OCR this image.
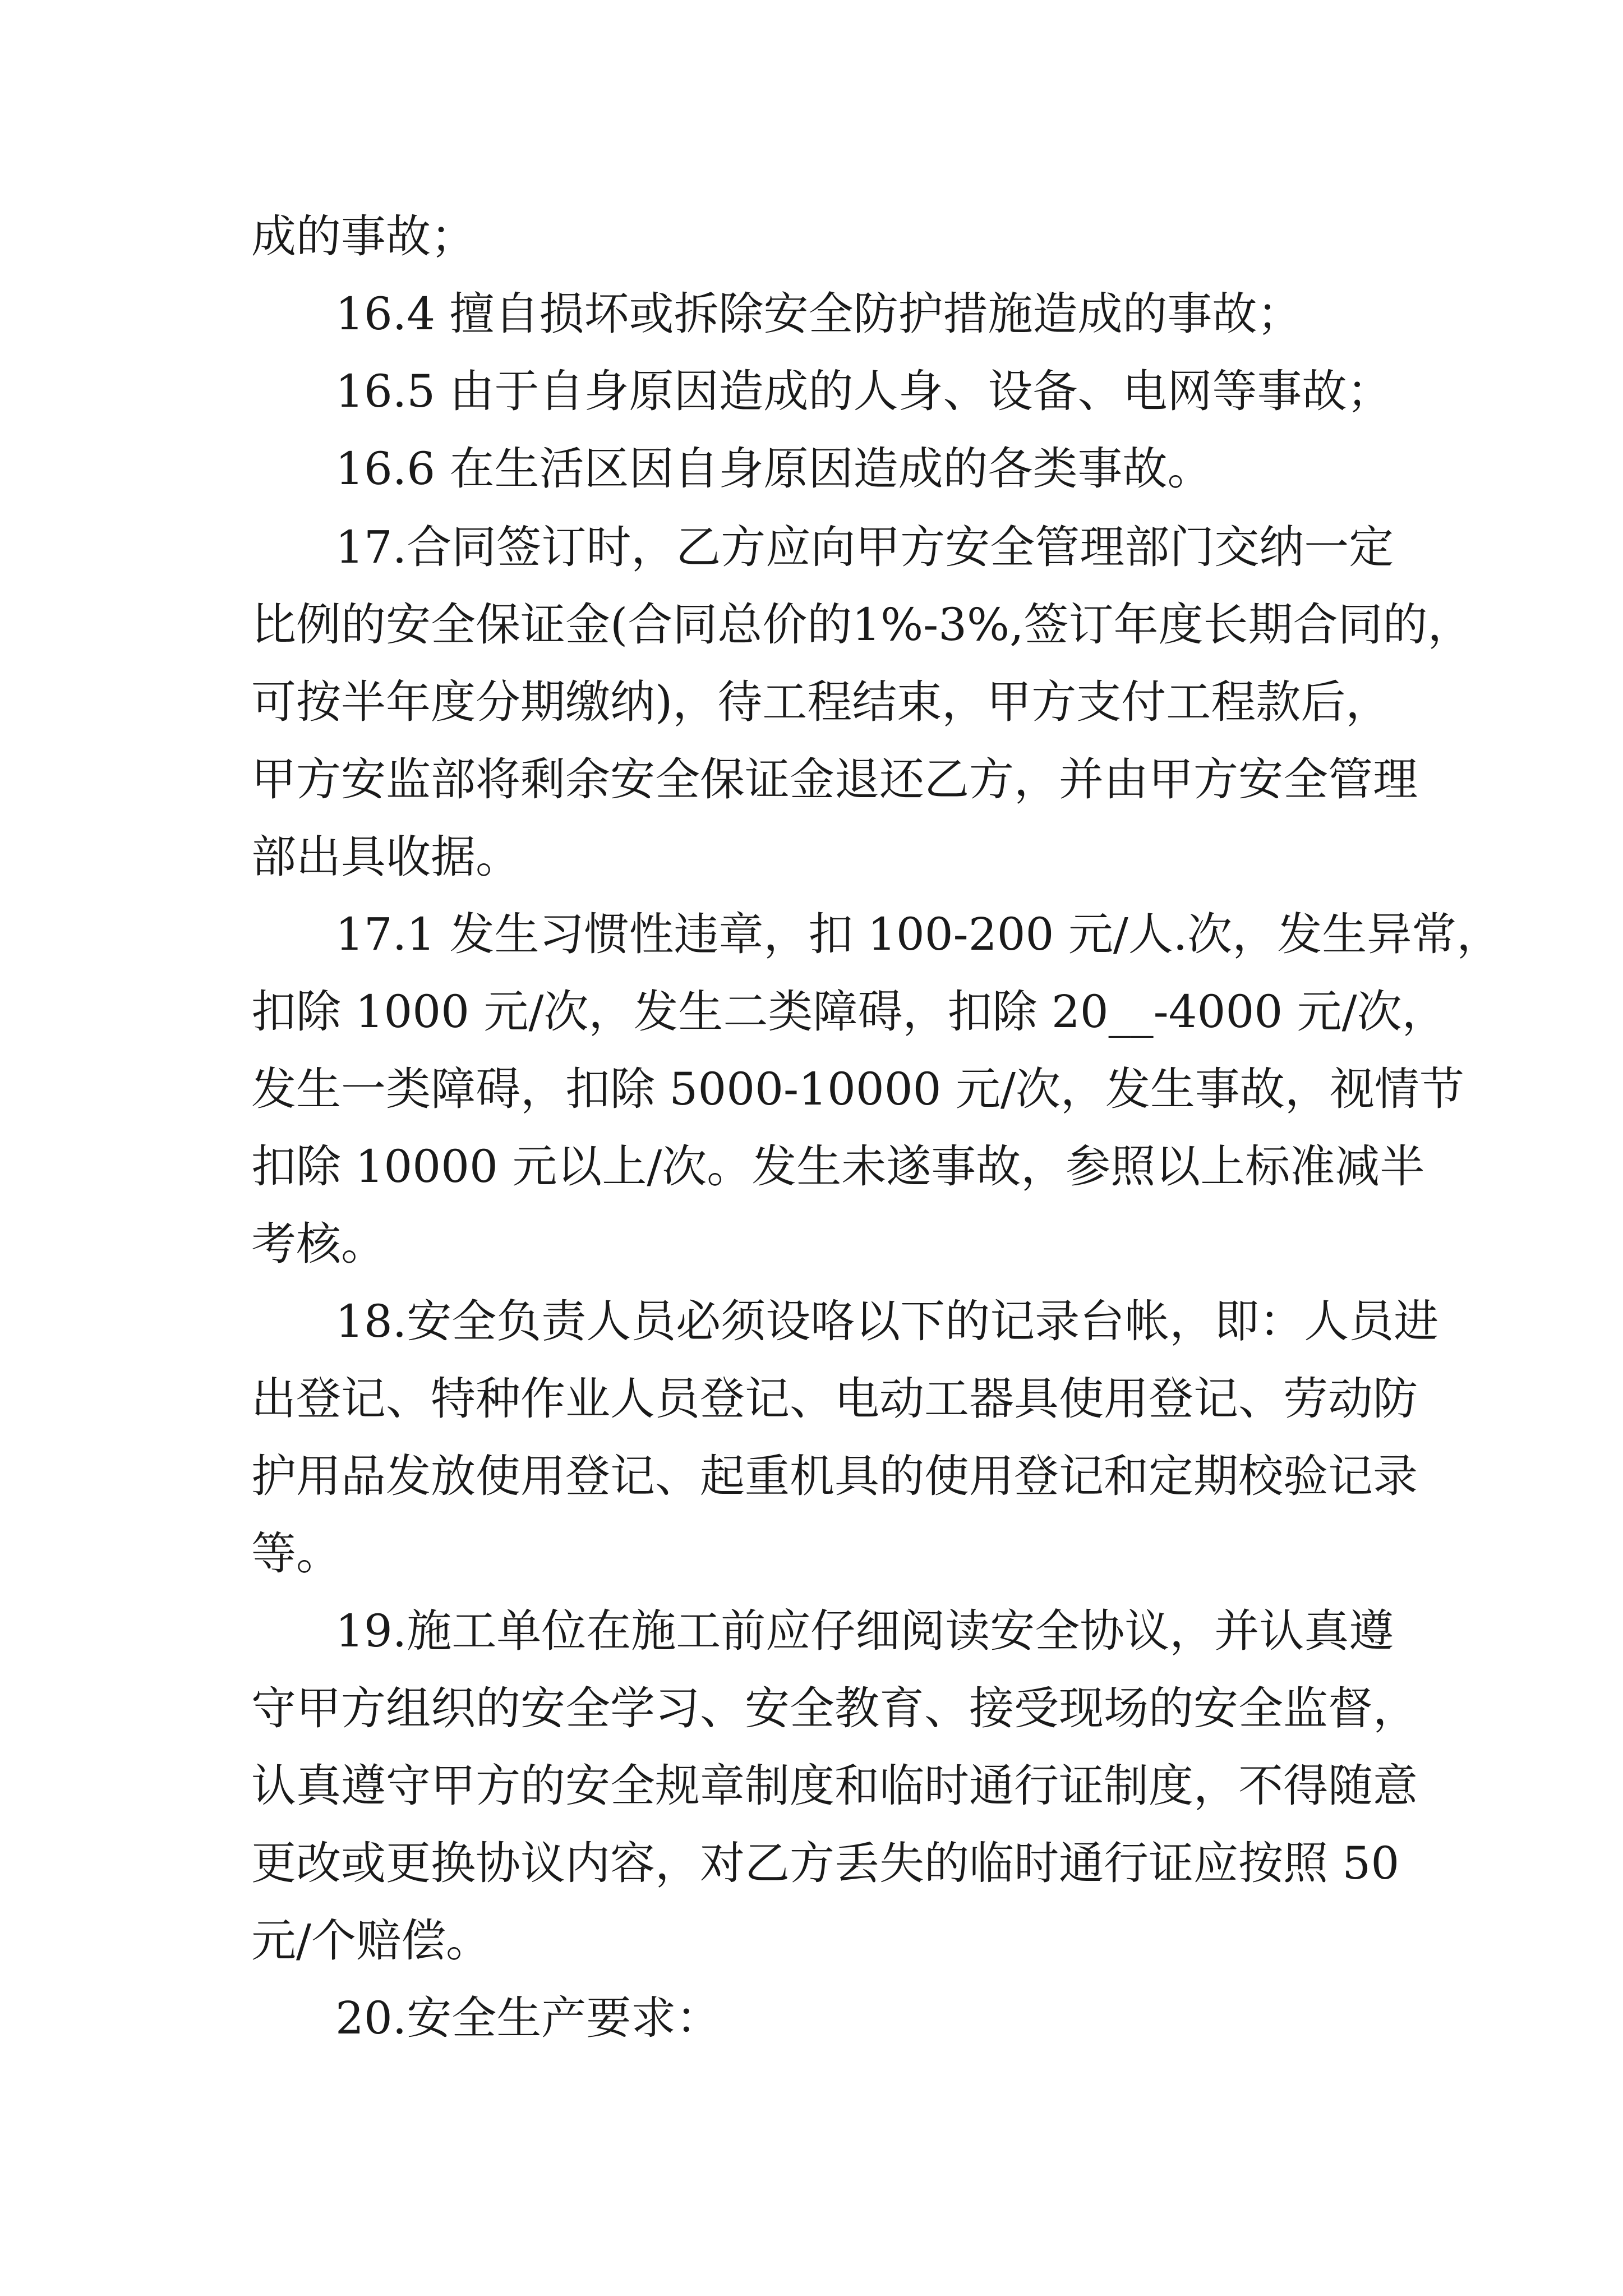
成的事故；
16.4 擅自损坏或拆除安全防护措施造成的事故；
16.5 由于自身原因造成的人身、设备、电网等事故；
16.6 在生活区因自身原因造成的各类事故。
17.合同签订时，乙方应向甲方安全管理部门交纳一定
比例的安全保证金(合同总价的1%-3%,签订年度长期合同的，
可按半年度分期缴纳)，待工程结束，甲方支付工程款后，
甲方安监部将剩余安全保证金退还乙方，并由甲方安全管理
部出具收据。
17.1 发生习惯性违章，扣 100-200 元/人.次，发生异常，
扣除 1000 元/次，发生二类障碍，扣除 20__-4000 元/次，
发生一类障碍，扣除 5000-10000 元/次，发生事故，视情节
扣除 10000 元以上/次。发生未遂事故，参照以上标准减半
考核。
18.安全负责人员必须设咯以下的记录台帐，即：人员进
出登记、特种作业人员登记、电动工器具使用登记、劳动防
护用品发放使用登记、起重机具的使用登记和定期校验记录
等。
19.施工单位在施工前应仔细阅读安全协议，并认真遵
守甲方组织的安全学习、安全教育、接受现场的安全监督，
认真遵守甲方的安全规章制度和临时通行证制度，不得随意
更改或更换协议内容，对乙方丢失的临时通行证应按照 50
元/个赔偿。
20.安全生产要求：
